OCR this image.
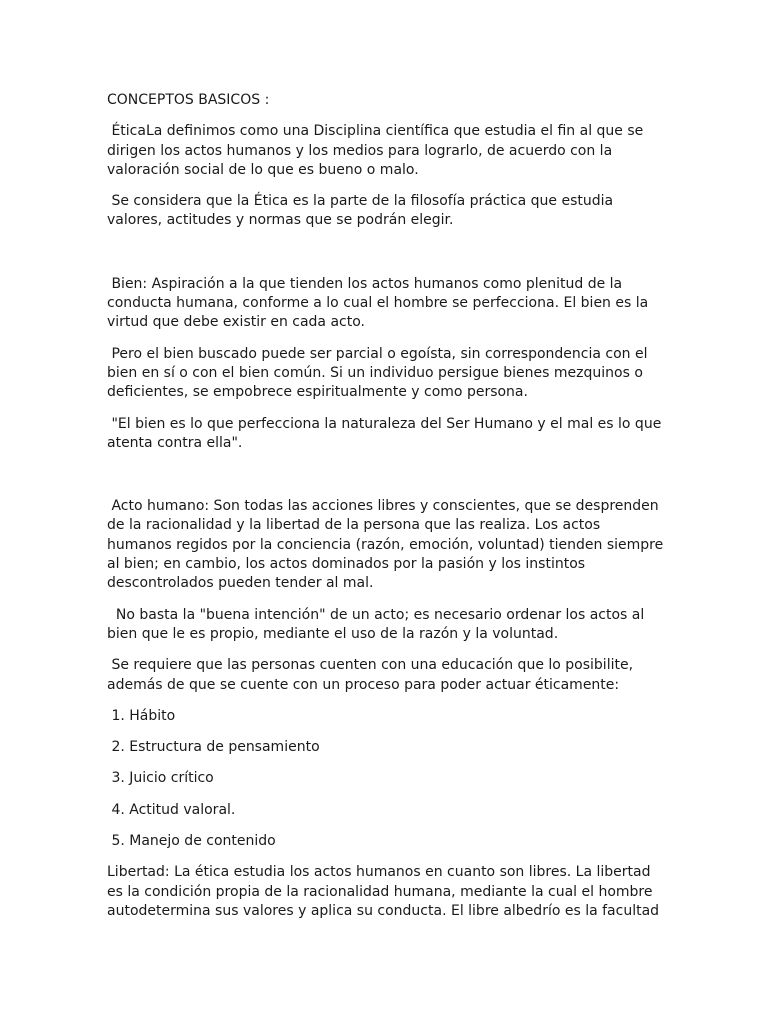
CONCEPTOS BASICOS :

ÉticaLa definimos como una Disciplina científica que estudia el fin al que se dirigen los actos humanos y los medios para lograrlo, de acuerdo con la valoración social de lo que es bueno o malo.

Se considera que la Ética es la parte de la filosofía práctica que estudia valores, actitudes y normas que se podrán elegir.

Bien: Aspiración a la que tienden los actos humanos como plenitud de la conducta humana, conforme a lo cual el hombre se perfecciona. El bien es la virtud que debe existir en cada acto.

Pero el bien buscado puede ser parcial o egoísta, sin correspondencia con el bien en sí o con el bien común. Si un individuo persigue bienes mezquinos o deficientes, se empobrece espiritualmente y como persona.

"El bien es lo que perfecciona la naturaleza del Ser Humano y el mal es lo que atenta contra ella".

Acto humano: Son todas las acciones libres y conscientes, que se desprenden de la racionalidad y la libertad de la persona que las realiza. Los actos humanos regidos por la conciencia (razón, emoción, voluntad) tienden siempre al bien; en cambio, los actos dominados por la pasión y los instintos descontrolados pueden tender al mal.

No basta la "buena intención" de un acto; es necesario ordenar los actos al bien que le es propio, mediante el uso de la razón y la voluntad.

Se requiere que las personas cuenten con una educación que lo posibilite, además de que se cuente con un proceso para poder actuar éticamente:

1. Hábito

2. Estructura de pensamiento

3. Juicio crítico

4. Actitud valoral.

5. Manejo de contenido

Libertad: La ética estudia los actos humanos en cuanto son libres. La libertad es la condición propia de la racionalidad humana, mediante la cual el hombre autodetermina sus valores y aplica su conducta. El libre albedrío es la facultad
